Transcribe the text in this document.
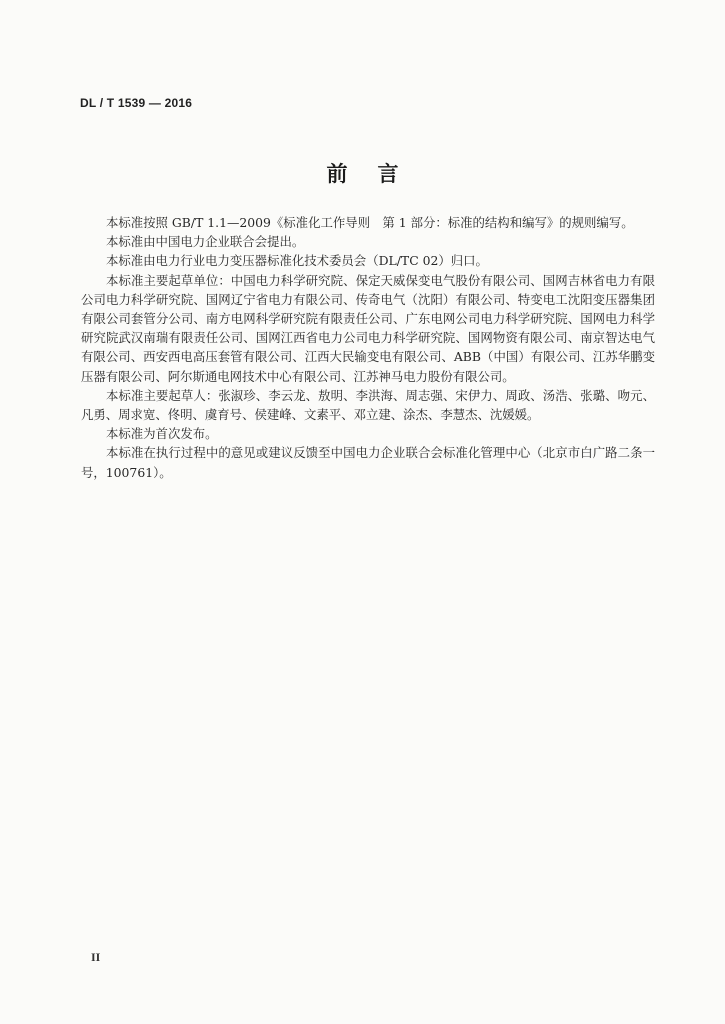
DL / T 1539 — 2016
前言

本标准按照 GB/T 1.1—2009《标准化工作导则　第 1 部分：标准的结构和编写》的规则编写。

本标准由中国电力企业联合会提出。

本标准由电力行业电力变压器标准化技术委员会（DL/TC 02）归口。

本标准主要起草单位：中国电力科学研究院、保定天威保变电气股份有限公司、国网吉林省电力有限公司电力科学研究院、国网辽宁省电力有限公司、传奇电气（沈阳）有限公司、特变电工沈阳变压器集团有限公司套管分公司、南方电网科学研究院有限责任公司、广东电网公司电力科学研究院、国网电力科学研究院武汉南瑞有限责任公司、国网江西省电力公司电力科学研究院、国网物资有限公司、南京智达电气有限公司、西安西电高压套管有限公司、江西大民输变电有限公司、ABB（中国）有限公司、江苏华鹏变压器有限公司、阿尔斯通电网技术中心有限公司、江苏神马电力股份有限公司。

本标准主要起草人：张淑珍、李云龙、敖明、李洪海、周志强、宋伊力、周政、汤浩、张璐、吻元、凡勇、周求宽、佟明、虞育号、侯建峰、文素平、邓立建、涂杰、李慧杰、沈媛媛。

本标准为首次发布。

本标准在执行过程中的意见或建议反馈至中国电力企业联合会标准化管理中心（北京市白广路二条一号，100761）。

II
